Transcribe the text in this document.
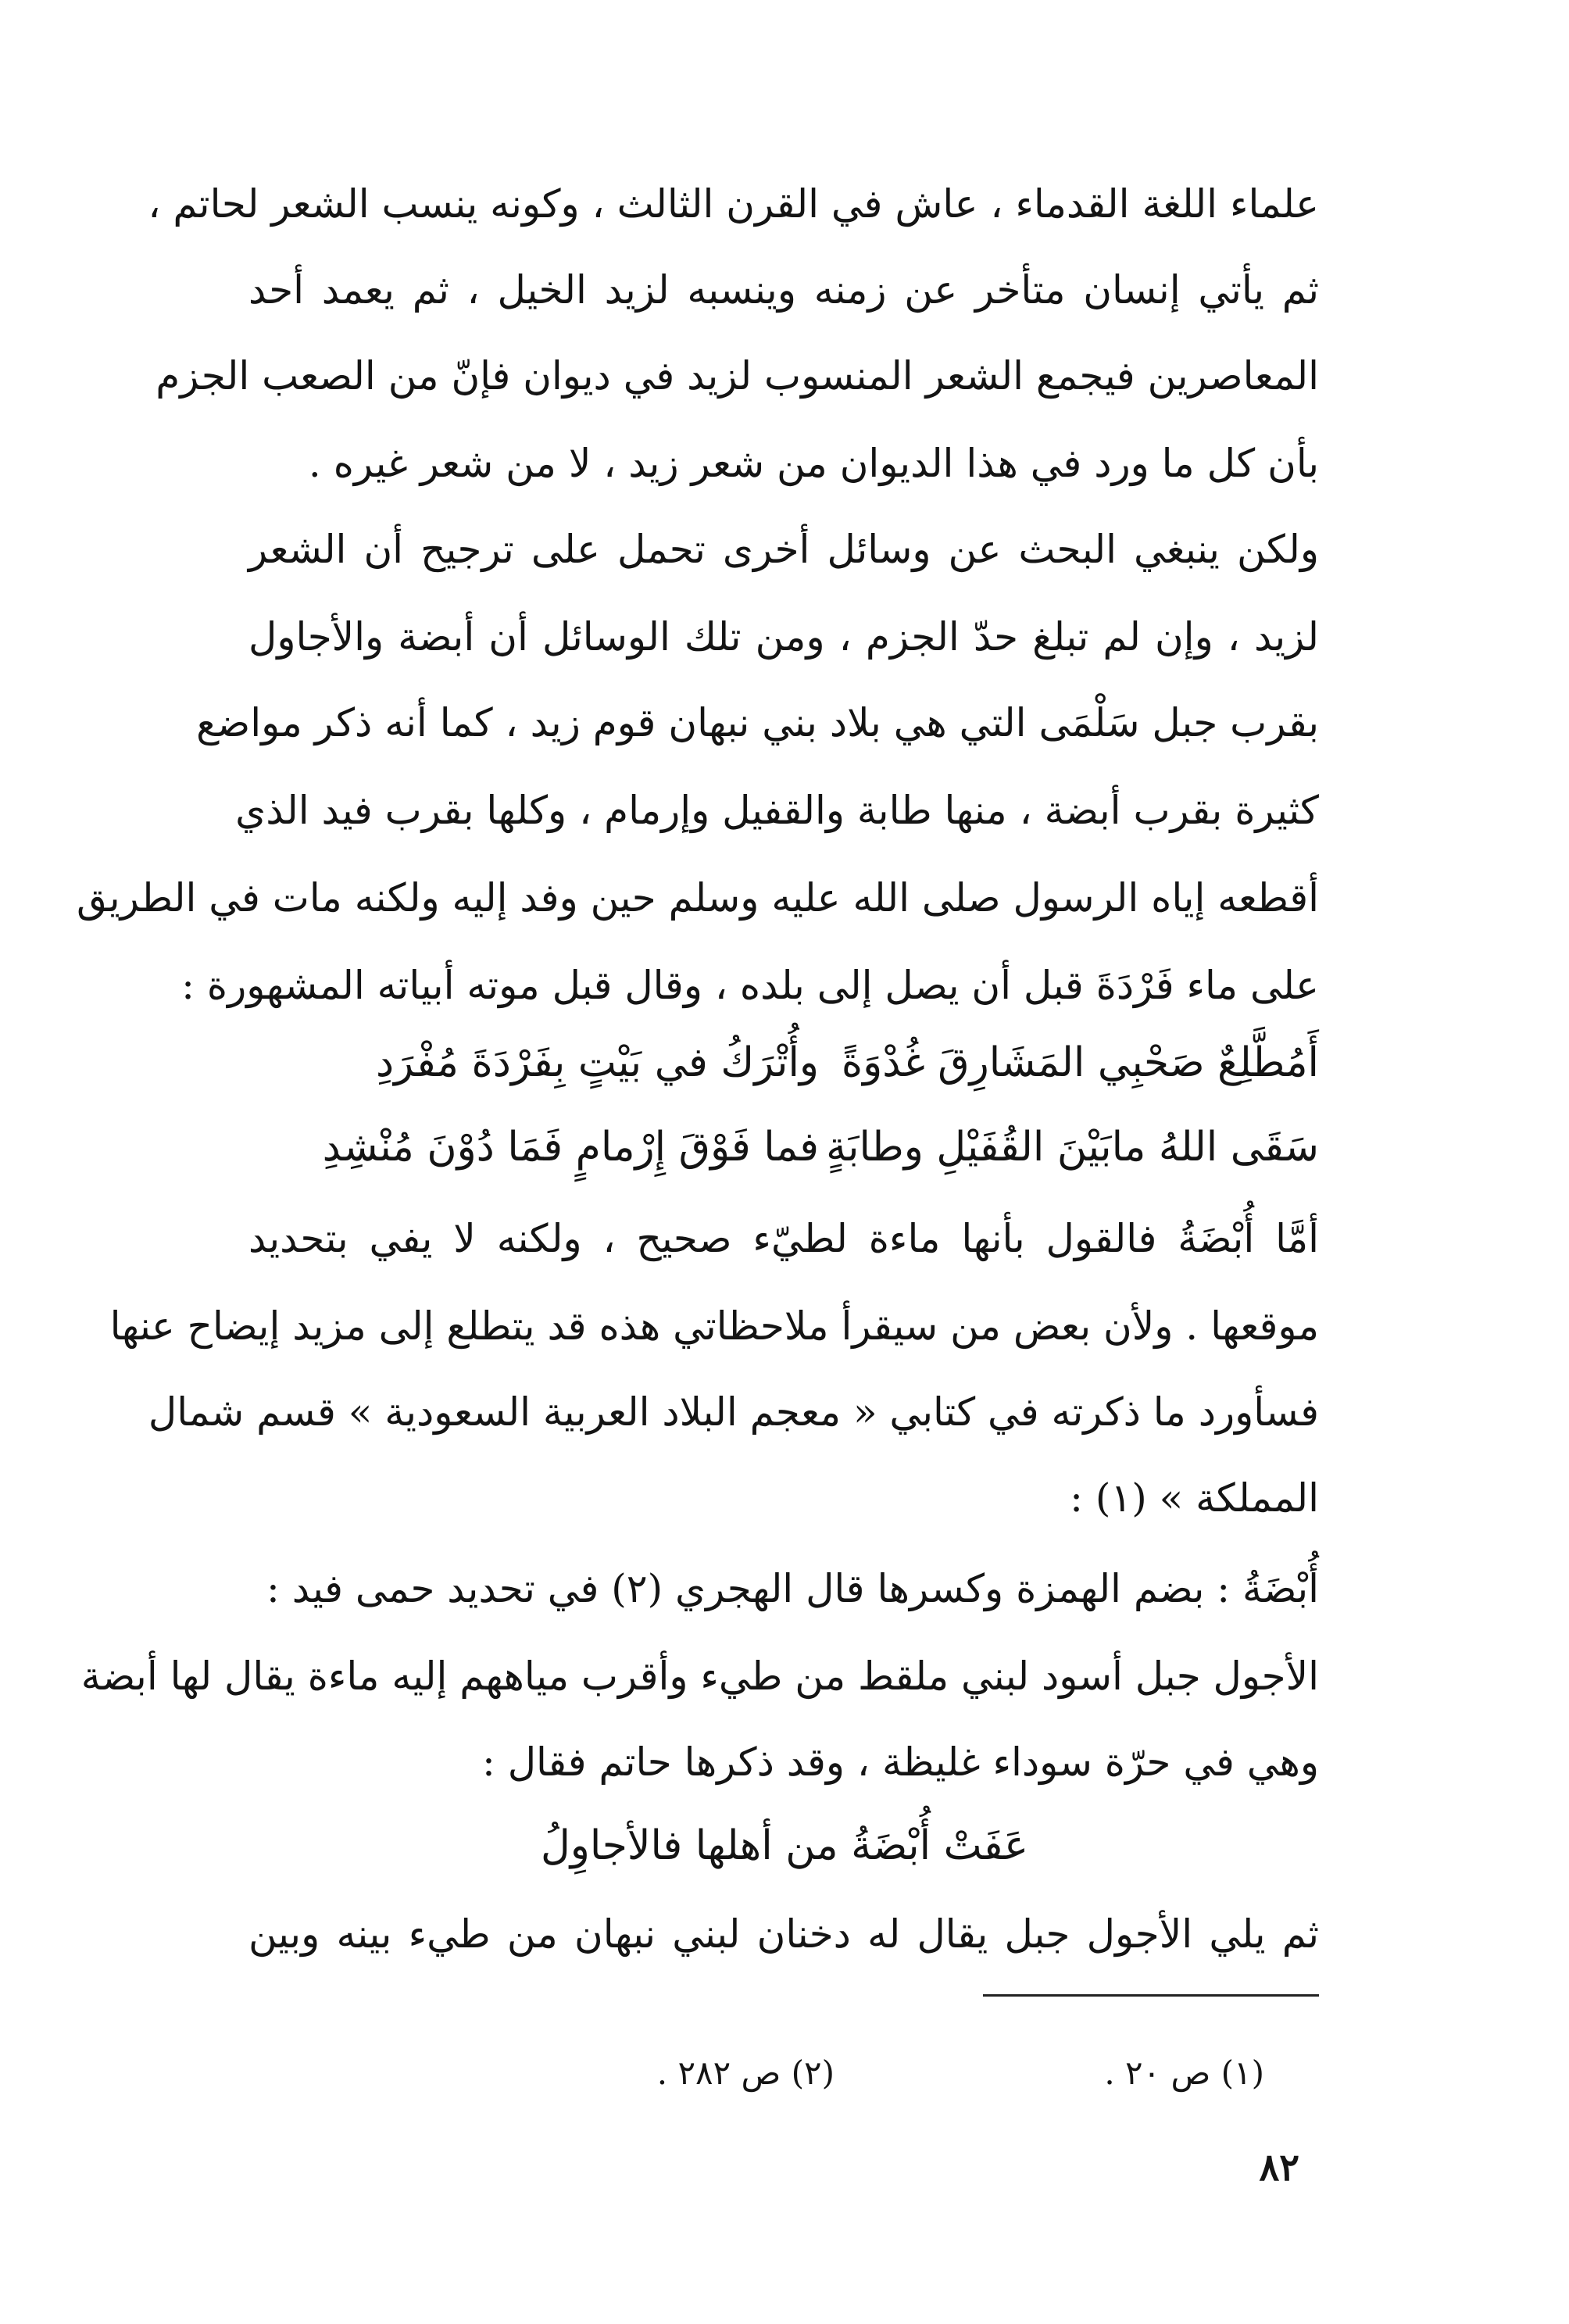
علماء اللغة القدماء ، عاش في القرن الثالث ، وكونه ينسب الشعر لحاتم ،
ثم يأتي إنسان متأخر عن زمنه وينسبه لزيد الخيل ، ثم يعمد أحد
المعاصرين فيجمع الشعر المنسوب لزيد في ديوان فإنّ من الصعب الجزم
بأن كل ما ورد في هذا الديوان من شعر زيد ، لا من شعر غيره .
ولكن ينبغي البحث عن وسائل أخرى تحمل على ترجيح أن الشعر
لزيد ، وإن لم تبلغ حدّ الجزم ، ومن تلك الوسائل أن أبضة والأجاول
بقرب جبل سَلْمَى التي هي بلاد بني نبهان قوم زيد ، كما أنه ذكر مواضع
كثيرة بقرب أبضة ، منها طابة والقفيل وإرمام ، وكلها بقرب فيد الذي
أقطعه إياه الرسول صلى الله عليه وسلم حين وفد إليه ولكنه مات في الطريق
على ماء فَرْدَةَ قبل أن يصل إلى بلده ، وقال قبل موته أبياته المشهورة :
وأُتْرَكُ في بَيْتٍ بِفَرْدَةَ مُفْرَدِ أَمُطَّلِعٌ صَحْبِي المَشَارِقَ غُدْوَةً
فما فَوْقَ إِرْمامٍ فَمَا دُوْنَ مُنْشِدِ سَقَى اللهُ مابَيْنَ القُفَيْلِ وطابَةٍ
أمَّا أُبْضَةُ فالقول بأنها ماءة لطيّء صحيح ، ولكنه لا يفي بتحديد
موقعها . ولأن بعض من سيقرأ ملاحظاتي هذه قد يتطلع إلى مزيد إيضاح عنها
فسأورد ما ذكرته في كتابي « معجم البلاد العربية السعودية » قسم شمال
المملكة » (١) :
أُبْضَةُ : بضم الهمزة وكسرها قال الهجري (٢) في تحديد حمى فيد :
الأجول جبل أسود لبني ملقط من طيء وأقرب مياههم إليه ماءة يقال لها أبضة
وهي في حرّة سوداء غليظة ، وقد ذكرها حاتم فقال :
عَفَتْ أُبْضَةُ من أهلها فالأجاوِلُ
ثم يلي الأجول جبل يقال له دخنان لبني نبهان من طيء بينه وبين
(١) ص ٢٠ .
(٢) ص ٢٨٢ .
٨٢
